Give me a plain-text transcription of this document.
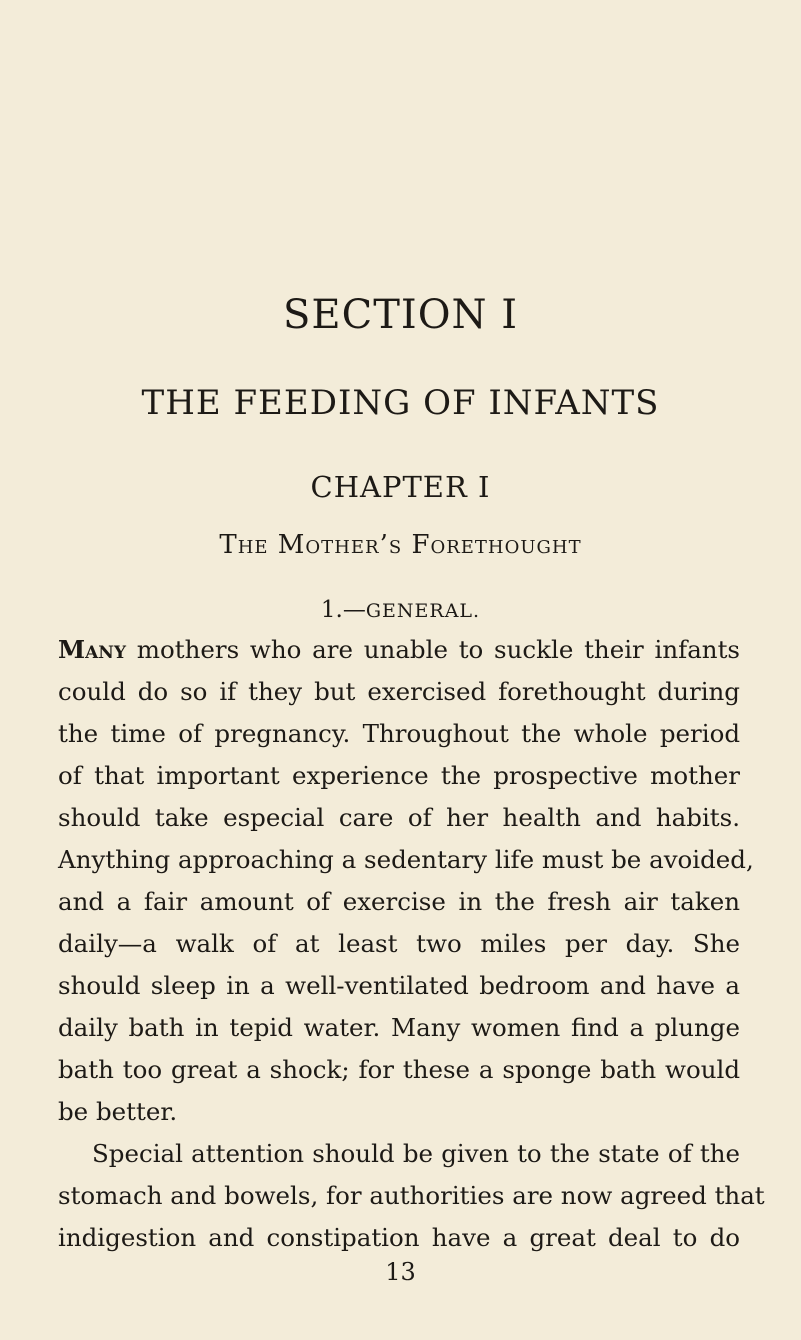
SECTION I
THE FEEDING OF INFANTS
CHAPTER I
The Mother’s Forethought
1.—GENERAL.
Many mothers who are unable to suckle their infants
could do so if they but exercised forethought during
the time of pregnancy. Throughout the whole period
of that important experience the prospective mother
should take especial care of her health and habits.
Anything approaching a sedentary life must be avoided,
and a fair amount of exercise in the fresh air taken
daily—a walk of at least two miles per day. She
should sleep in a well-ventilated bedroom and have a
daily bath in tepid water. Many women find a plunge
bath too great a shock; for these a sponge bath would
be better.
Special attention should be given to the state of the
stomach and bowels, for authorities are now agreed that
indigestion and constipation have a great deal to do
13
